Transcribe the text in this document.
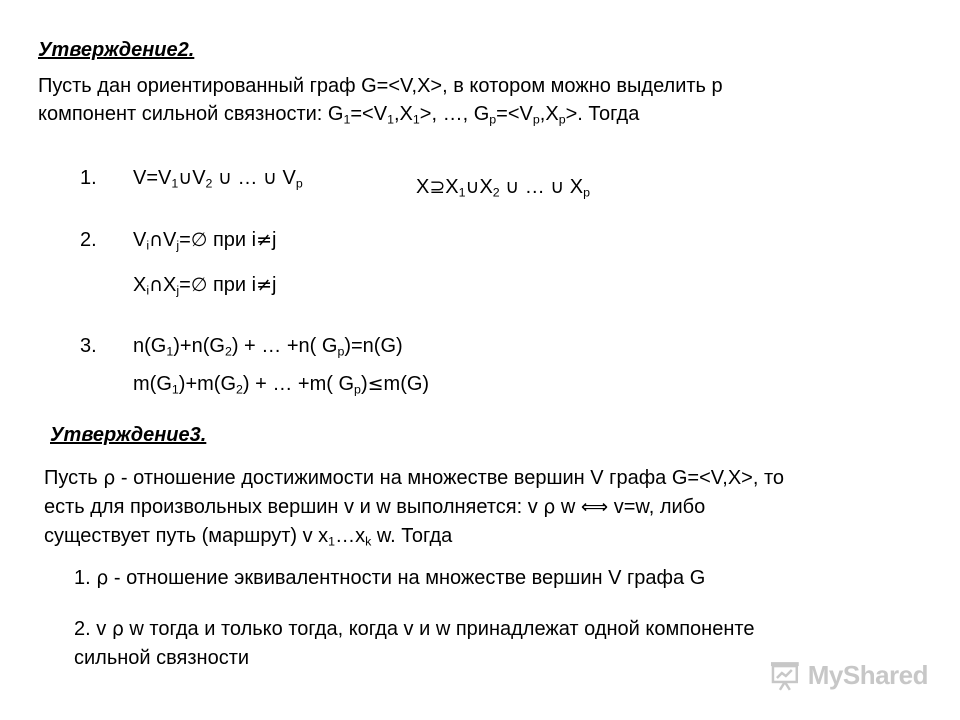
Утверждение2.
Пусть дан ориентированный граф G=<V,X>, в котором можно выделить p
компонент сильной связности: $G_1=<V_1,X_1>$, …, $G_p=<V_p,X_p>$. Тогда
1. $V=V_1\cup V_2$ ∪ … ∪ $V_p$	$X⊇X_1\cup X_2$ ∪ … ∪ $X_p$
2. $V_i\cap V_j=\emptyset$ при i≠j
$X_i\cap X_j=\emptyset$ при i≠j
3. $n(G_1)+n(G_2)$ + … +n( $G_p)=n(G)$
$m(G_1)+m(G_2)$ + … +m( $G_p)\le m(G)$
Утверждение3.
Пусть ρ - отношение достижимости на множестве вершин V графа G=<V,X>, то
есть для произвольных вершин v и w выполняется: v ρ w ⟺ v=w, либо
существует путь (маршрут) v $x_1\dots x_k$ w. Тогда
1. ρ - отношение эквивалентности на множестве вершин V графа G
2. v ρ w тогда и только тогда, когда v и w принадлежат одной компоненте
сильной связности
MyShared
